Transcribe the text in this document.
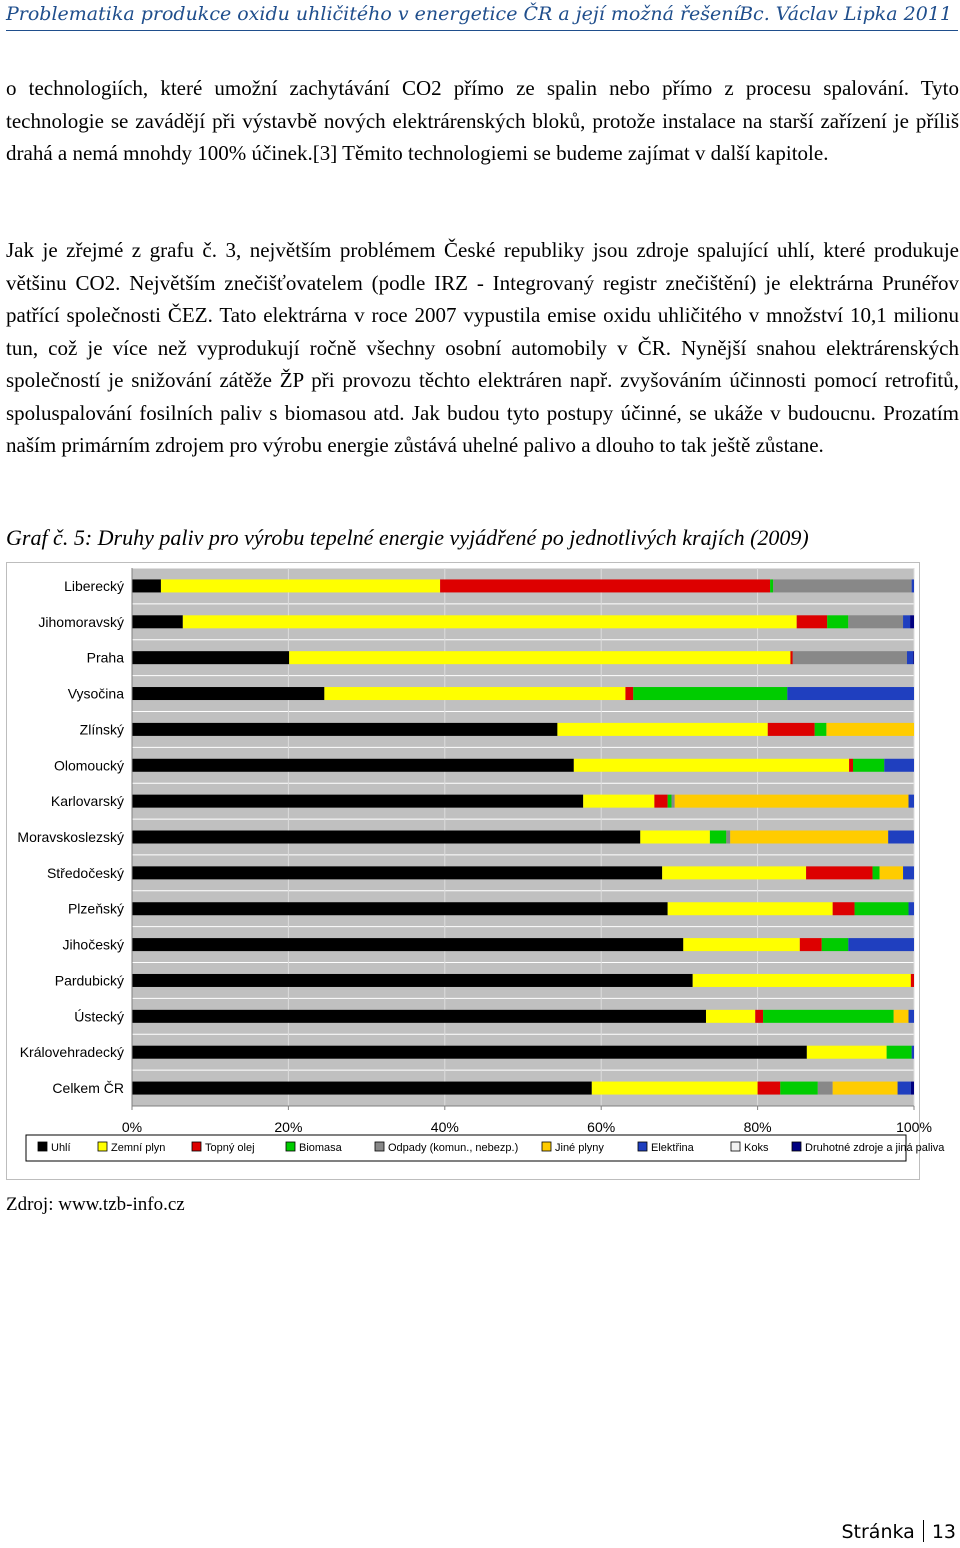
Problematika produkce oxidu uhličitého v energetice ČR a její možná řešení Bc. Václav Lipka 2011

o technologiích, které umožní zachytávání CO2 přímo ze spalin nebo přímo z procesu spalování. Tyto technologie se zavádějí při výstavbě nových elektrárenských bloků, protože instalace na starší zařízení je příliš drahá a nemá mnohdy 100% účinek.[3] Těmito technologiemi se budeme zajímat v další kapitole.

Jak je zřejmé z grafu č. 3, největším problémem České republiky jsou zdroje spalující uhlí, které produkuje většinu CO2. Největším znečišťovatelem (podle IRZ - Integrovaný registr znečištění) je elektrárna Prunéřov patřící společnosti ČEZ. Tato elektrárna v roce 2007 vypustila emise oxidu uhličitého v množství 10,1 milionu tun, což je více než vyprodukují ročně všechny osobní automobily v ČR. Nynější snahou elektrárenských společností je snižování zátěže ŽP při provozu těchto elektráren např. zvyšováním účinnosti pomocí retrofitů, spoluspalování fosilních paliv s biomasou atd. Jak budou tyto postupy účinné, se ukáže v budoucnu. Prozatím naším primárním zdrojem pro výrobu energie zůstává uhelné palivo a dlouho to tak ještě zůstane.

Graf č. 5: Druhy paliv pro výrobu tepelné energie vyjádřené po jednotlivých krajích (2009)
Liberecký
Jihomoravský
Praha
Vysočina
Zlínský
Olomoucký
Karlovarský
Moravskoslezský
Středočeský
Plzeňský
Jihočeský
Pardubický
Ústecký
Královehradecký
Celkem ČR
0%	20%	40%	60%	80%	100%
Uhlí	Zemní plyn	Topný olej	Biomasa	Odpady (komun., nebezp.)	Jiné plyny	Elektřina	Koks	Druhotné zdroje a jiná paliva
Zdroj: www.tzb-info.cz
Stránka 13
